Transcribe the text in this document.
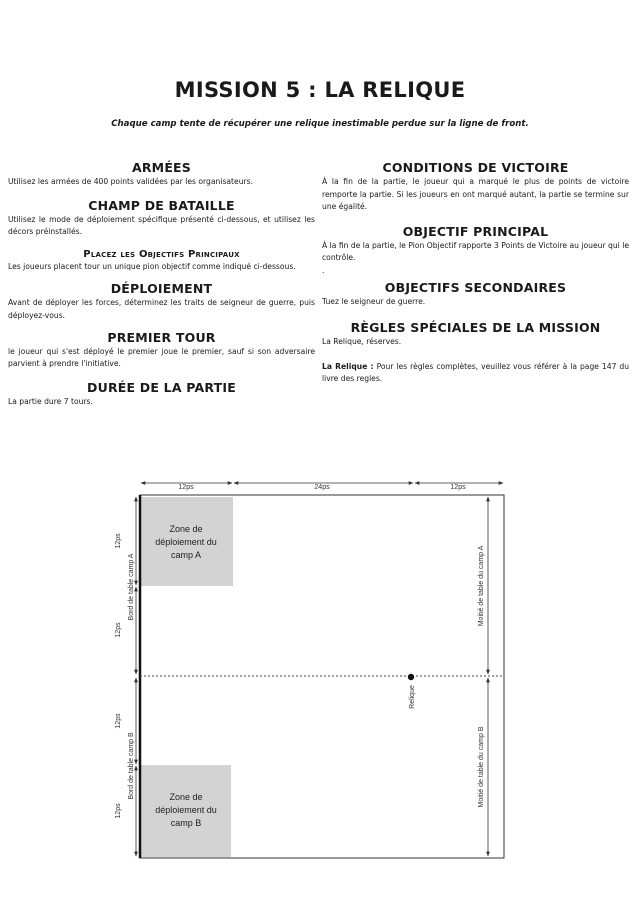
MISSION 5 : LA RELIQUE
Chaque camp tente de récupérer une relique inestimable perdue sur la ligne de front.
ARMÉES

Utilisez les armées de 400 points validées par les organisateurs.

CHAMP DE BATAILLE

Utilisez le mode de déploiement spécifique présenté ci-dessous, et utilisez les décors préinstallés.

Placez les Objectifs Principaux

Les joueurs placent tour un unique pion objectif comme indiqué ci-dessous.

DÉPLOIEMENT

Avant de déployer les forces, déterminez les traits de seigneur de guerre, puis déployez-vous.

PREMIER TOUR

le joueur qui s'est déployé le premier joue le premier, sauf si son adversaire parvient à prendre l'initiative.

DURÉE DE LA PARTIE

La partie dure 7 tours.

CONDITIONS DE VICTOIRE

À la fin de la partie, le joueur qui a marqué le plus de points de victoire remporte la partie. Si les joueurs en ont marqué autant, la partie se termine sur une égalité.

OBJECTIF PRINCIPAL

À la fin de la partie, le Pion Objectif rapporte 3 Points de Victoire au joueur qui le contrôle.

.

OBJECTIFS SECONDAIRES

Tuez le seigneur de guerre.

RÈGLES SPÉCIALES DE LA MISSION

La Relique, réserves.

La Relique : Pour les règles complètes, veuillez vous référer à la page 147 du livre des regles.

12ps	24ps	12ps
12ps
12ps
12ps
12ps
Bord de table camp A
Bord de table camp B
Zone de
déploiement du
camp A
Zone de
déploiement du
camp B
Moitié de table du camp A
Moitié de table du camp B
Relique
